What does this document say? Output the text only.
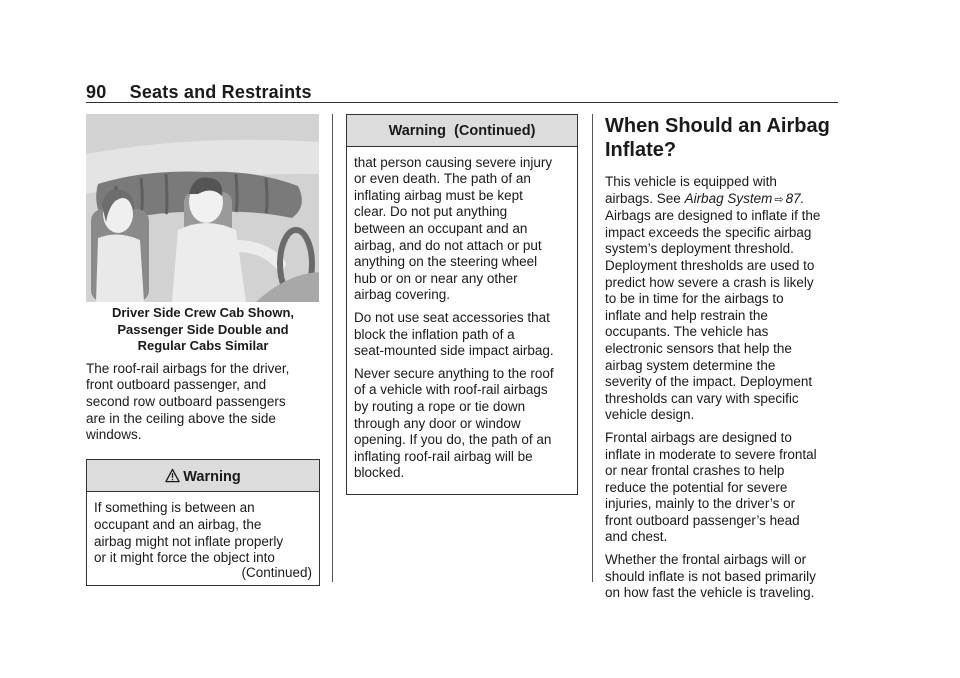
90 Seats and Restraints
Driver Side Crew Cab Shown,
Passenger Side Double and
Regular Cabs Similar
The roof-rail airbags for the driver,
front outboard passenger, and
second row outboard passengers
are in the ceiling above the side
windows.
Warning
If something is between an
occupant and an airbag, the
airbag might not inflate properly
or it might force the object into
(Continued)
Warning  (Continued)

that person causing severe injury
or even death. The path of an
inflating airbag must be kept
clear. Do not put anything
between an occupant and an
airbag, and do not attach or put
anything on the steering wheel
hub or on or near any other
airbag covering.

Do not use seat accessories that
block the inflation path of a
seat-mounted side impact airbag.

Never secure anything to the roof
of a vehicle with roof-rail airbags
by routing a rope or tie down
through any door or window
opening. If you do, the path of an
inflating roof-rail airbag will be
blocked.

When Should an Airbag
Inflate?
This vehicle is equipped with
airbags. See Airbag System ⇨ 87.
Airbags are designed to inflate if the
impact exceeds the specific airbag
system’s deployment threshold.
Deployment thresholds are used to
predict how severe a crash is likely
to be in time for the airbags to
inflate and help restrain the
occupants. The vehicle has
electronic sensors that help the
airbag system determine the
severity of the impact. Deployment
thresholds can vary with specific
vehicle design.
Frontal airbags are designed to
inflate in moderate to severe frontal
or near frontal crashes to help
reduce the potential for severe
injuries, mainly to the driver’s or
front outboard passenger’s head
and chest.
Whether the frontal airbags will or
should inflate is not based primarily
on how fast the vehicle is traveling.
